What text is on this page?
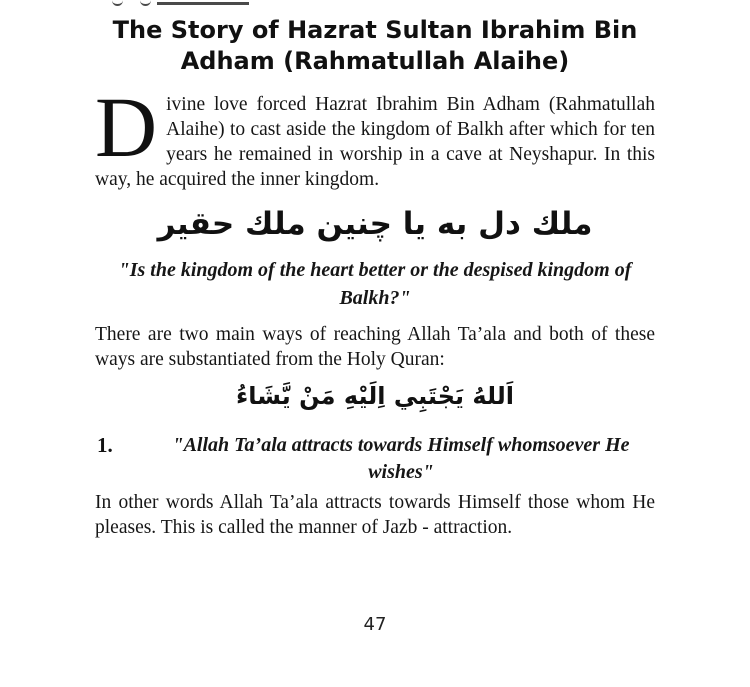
The Story of Hazrat Sultan Ibrahim Bin
Adham (Rahmatullah Alaihe)

Divine love forced Hazrat Ibrahim Bin Adham (Rahmatullah Alaihe) to cast aside the kingdom of Balkh after which for ten years he remained in worship in a cave at Neyshapur. In this way, he acquired the inner kingdom.

ملك دل به يا چنين ملك حقير
"Is the kingdom of the heart better or the despised kingdom of Balkh?"

There are two main ways of reaching Allah Ta’ala and both of these ways are substantiated from the Holy Quran:

اَللهُ يَجْتَبِي اِلَيْهِ مَنْ يَّشَاءُ
1.	"Allah Ta’ala attracts towards Himself whomsoever He wishes"

In other words Allah Ta’ala attracts towards Himself those whom He pleases. This is called the manner of Jazb - attraction.

47
